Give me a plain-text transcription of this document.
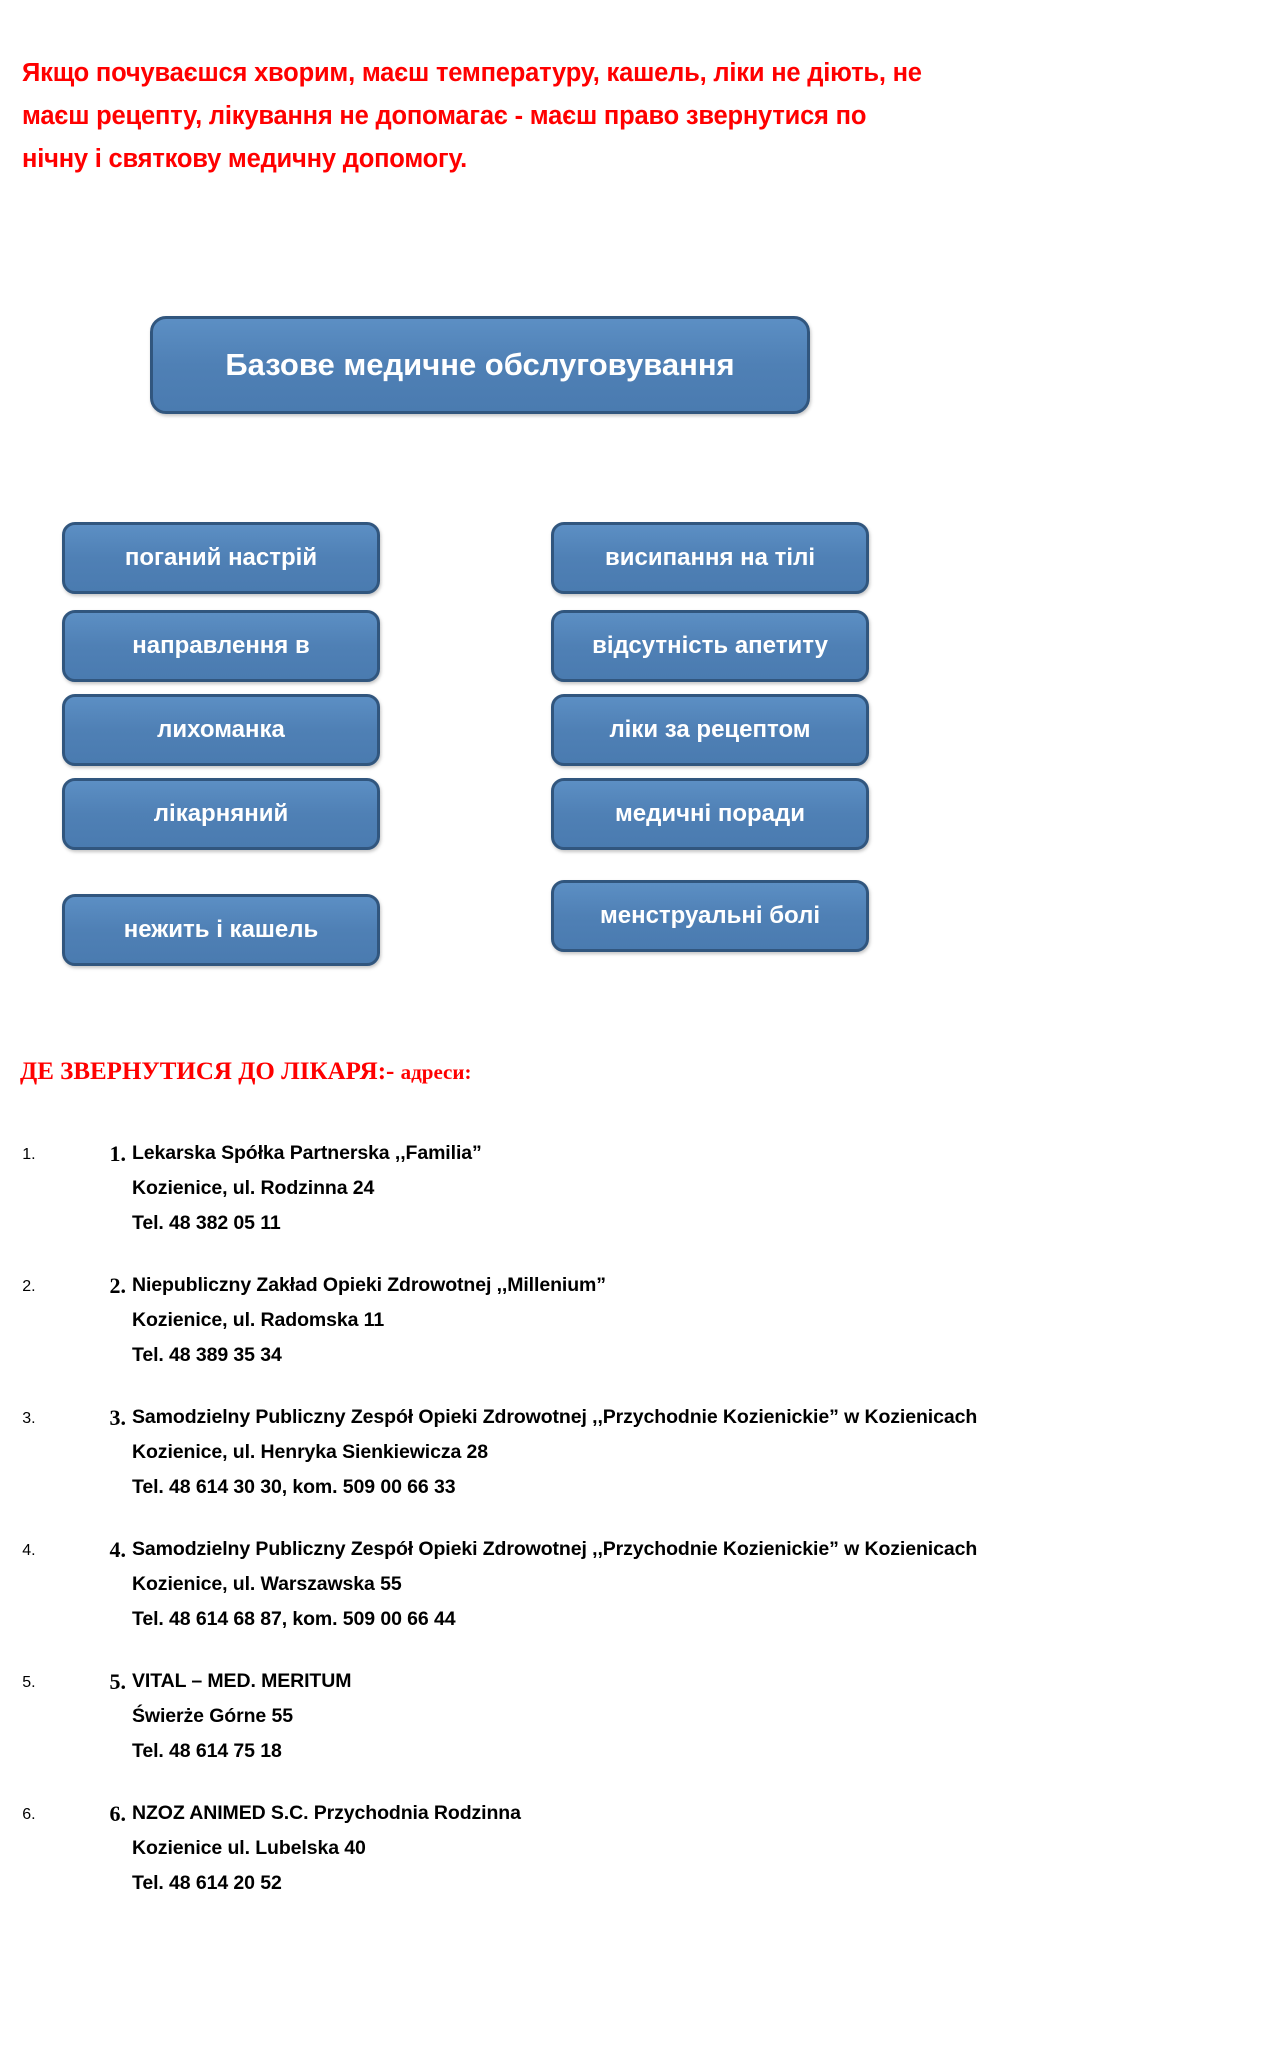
Якщо почуваєшся хворим, маєш температуру, кашель, ліки не діють, не маєш рецепту, лікування не допомагає - маєш право звернутися по нічну і святкову медичну допомогу.

Базове медичне обслуговування
поганий настрій
направлення в
лихоманка
лікарняний
нежить і кашель
висипання на тілі
відсутність апетиту
ліки за рецептом
медичні поради
менструальні болі
ДЕ ЗВЕРНУТИСЯ ДО ЛІКАРЯ:- адреси:
1. 1. Lekarska Spółka Partnerska ,,Familia”
Kozienice, ul. Rodzinna 24
Tel. 48 382 05 11
2. 2. Niepubliczny Zakład Opieki Zdrowotnej ,,Millenium”
Kozienice, ul. Radomska 11
Tel. 48 389 35 34
3. 3. Samodzielny Publiczny Zespół Opieki Zdrowotnej ,,Przychodnie Kozienickie” w Kozienicach
Kozienice, ul. Henryka Sienkiewicza 28
Tel. 48 614 30 30, kom. 509 00 66 33
4. 4. Samodzielny Publiczny Zespół Opieki Zdrowotnej ,,Przychodnie Kozienickie” w Kozienicach
Kozienice, ul. Warszawska 55
Tel. 48 614 68 87, kom. 509 00 66 44
5. 5. VITAL – MED. MERITUM
Świerże Górne 55
Tel. 48 614 75 18
6. 6. NZOZ ANIMED S.C. Przychodnia Rodzinna
Kozienice ul. Lubelska 40
Tel. 48 614 20 52
